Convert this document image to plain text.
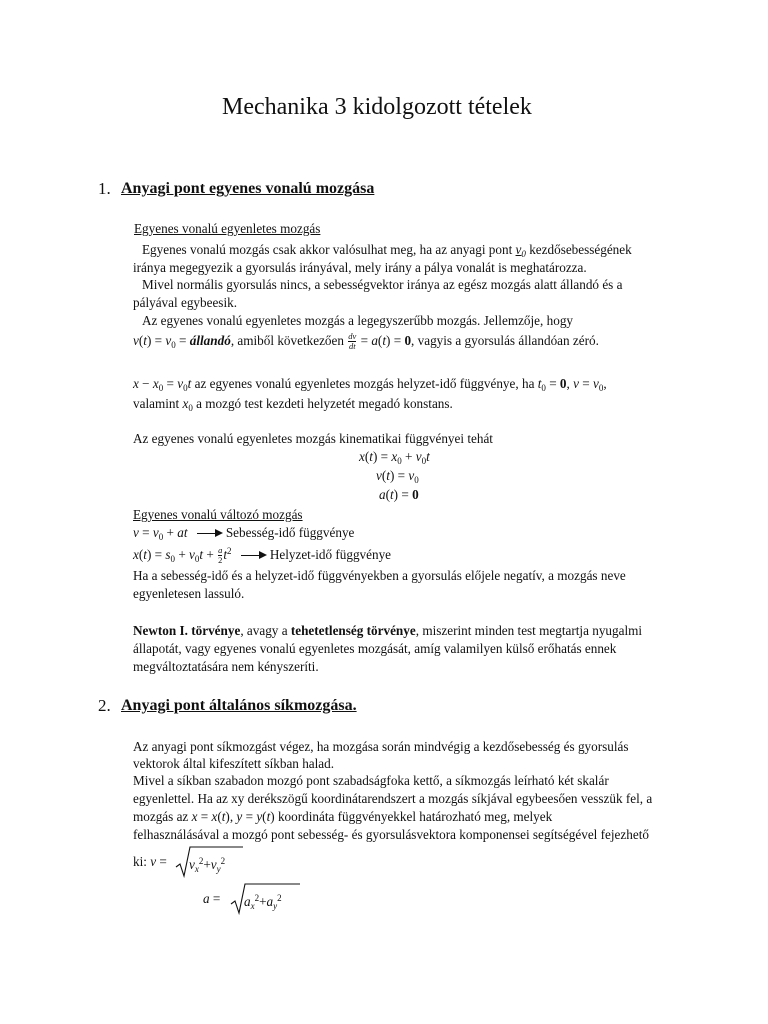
Mechanika 3 kidolgozott tételek
1. Anyagi pont egyenes vonalú mozgása
Egyenes vonalú egyenletes mozgás
Egyenes vonalú mozgás csak akkor valósulhat meg, ha az anyagi pont $v_0$ kezdősebességének
iránya megegyezik a gyorsulás irányával, mely irány a pálya vonalát is meghatározza.
Mivel normális gyorsulás nincs, a sebességvektor iránya az egész mozgás alatt állandó és a
pályával egybeesik.
Az egyenes vonalú egyenletes mozgás a legegyszerűbb mozgás. Jellemzője, hogy
$v(t) = v_0$ = állandó, amiből következően $\frac{dv}{dt} = a(t) = 0$, vagyis a gyorsulás állandóan zéró.
$x - x_0 = v_0t$ az egyenes vonalú egyenletes mozgás helyzet-idő függvénye, ha $t_0 = 0$, $v = v_0$,
valamint $x_0$ a mozgó test kezdeti helyzetét megadó konstans.
Az egyenes vonalú egyenletes mozgás kinematikai függvényei tehát
$x(t) = x_0 + v_0t$
$v(t) = v_0$
a(t) = 0
Egyenes vonalú változó mozgás
$v = v_0$ + at	Sebesség-idő függvénye
$x(t) = s_0 + v_0t + \frac{a}{2} t^2$	Helyzet-idő függvénye
Ha a sebesség-idő és a helyzet-idő függvényekben a gyorsulás előjele negatív, a mozgás neve
egyenletesen lassuló.
Newton I. törvénye, avagy a tehetetlenség törvénye, miszerint minden test megtartja nyugalmi
állapotát, vagy egyenes vonalú egyenletes mozgását, amíg valamilyen külső erőhatás ennek
megváltoztatására nem kényszeríti.
2. Anyagi pont általános síkmozgása.
Az anyagi pont síkmozgást végez, ha mozgása során mindvégig a kezdősebesség és gyorsulás
vektorok által kifeszített síkban halad.
Mivel a síkban szabadon mozgó pont szabadságfoka kettő, a síkmozgás leírható két skalár
egyenlettel. Ha az xy derékszögű koordinátarendszert a mozgás síkjával egybeesően vesszük fel, a
mozgás az x = x(t), y = y(t) koordináta függvényekkel határozható meg, melyek
felhasználásával a mozgó pont sebesség- és gyorsulásvektora komponensei segítségével fejezhető
ki: $v = v_x^2+v_y^2$
$a = a_x^2+a_y^2$
